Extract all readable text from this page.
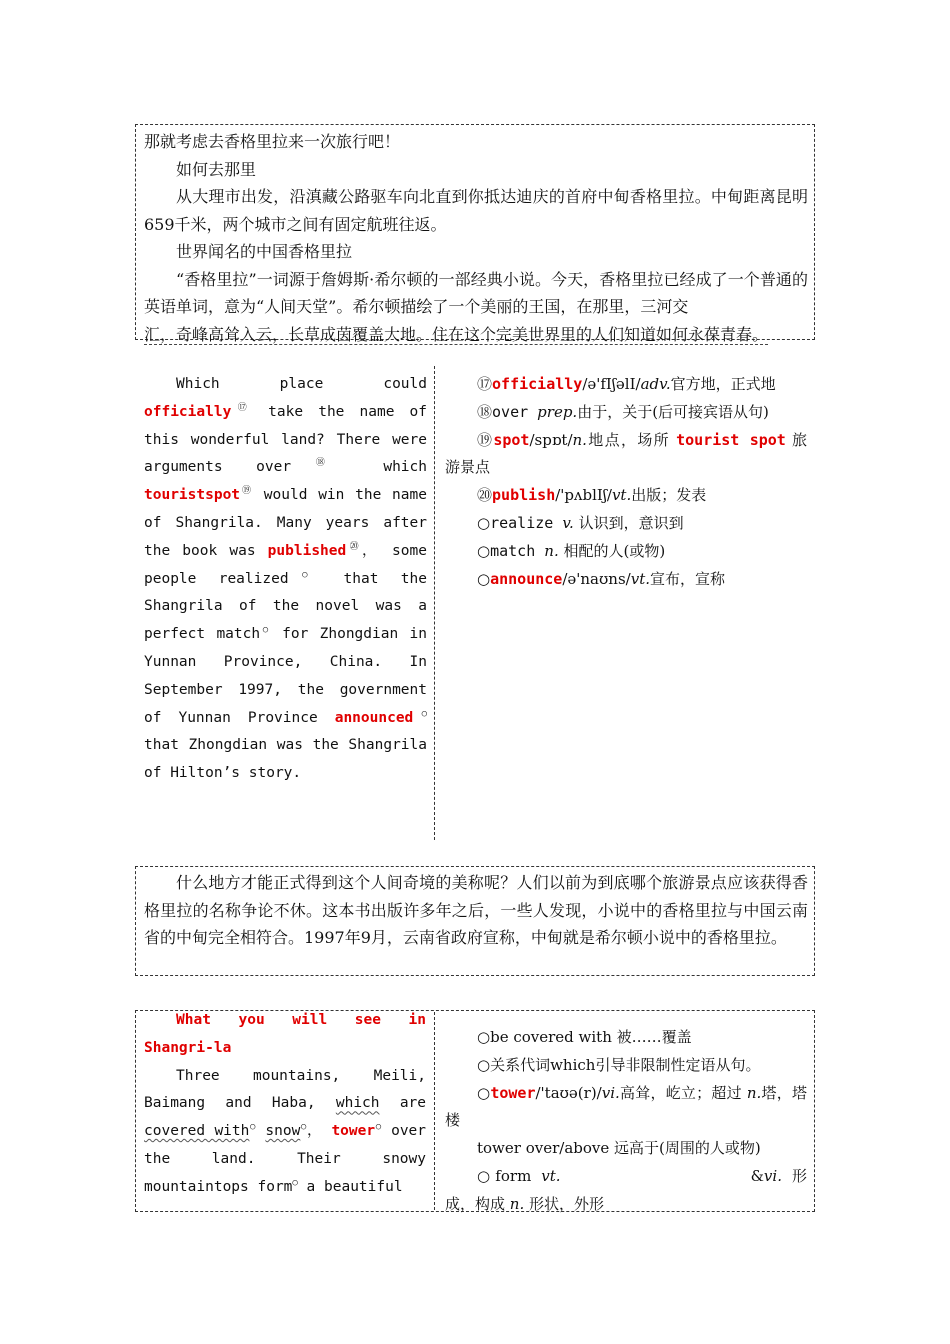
那就考虑去香格里拉来一次旅行吧！

如何去那里

从大理市出发，沿滇藏公路驱车向北直到你抵达迪庆的首府中甸香格里拉。中甸距离昆明659千米，两个城市之间有固定航班往返。

世界闻名的中国香格里拉

“香格里拉”一词源于詹姆斯·希尔顿的一部经典小说。今天，香格里拉已经成了一个普通的英语单词，意为“人间天堂”。希尔顿描绘了一个美丽的王国，在那里，三河交

汇，奇峰高耸入云，长草成茵覆盖大地。住在这个完美世界里的人们知道如何永葆青春。

Which place could officially⑰ take the name of this wonderful land? There were arguments over⑱ which touristspot⑲ would win the name of Shangrila. Many years after the book was published⑳， some people realized○ that the Shangrila of the novel was a perfect match○ for Zhongdian in Yunnan Province, China. In September 1997, the government of Yunnan Province announced○ that Zhongdian was the Shangrila of Hilton’s story.

⑰officially/ə'fIʃəlI/adv.官方地，正式地

⑱over prep.由于，关于(后可接宾语从句)

⑲spot/spɒt/n.地点，场所 tourist spot 旅游景点

⑳publish/'pʌblIʃ/vt.出版；发表

○realize v. 认识到，意识到

○match n. 相配的人(或物)

○announce/ə'naʊns/vt.宣布，宣称

什么地方才能正式得到这个人间奇境的美称呢？人们以前为到底哪个旅游景点应该获得香格里拉的名称争论不休。这本书出版许多年之后，一些人发现，小说中的香格里拉与中国云南省的中甸完全相符合。1997年9月，云南省政府宣称，中甸就是希尔顿小说中的香格里拉。

What you will see in Shangri-la

Three mountains, Meili, Baimang and Haba, which are covered with○ snow○， tower○ over the land. Their snowy mountaintops form○ a beautiful

○be covered with 被……覆盖

○关系代词which引导非限制性定语从句。

○tower/'taʊə(r)/vi.高耸，屹立；超过 n.塔，塔楼

tower over/above 远高于(周围的人或物)

○form vt.	&vi. 形成，构成 n. 形状，外形
